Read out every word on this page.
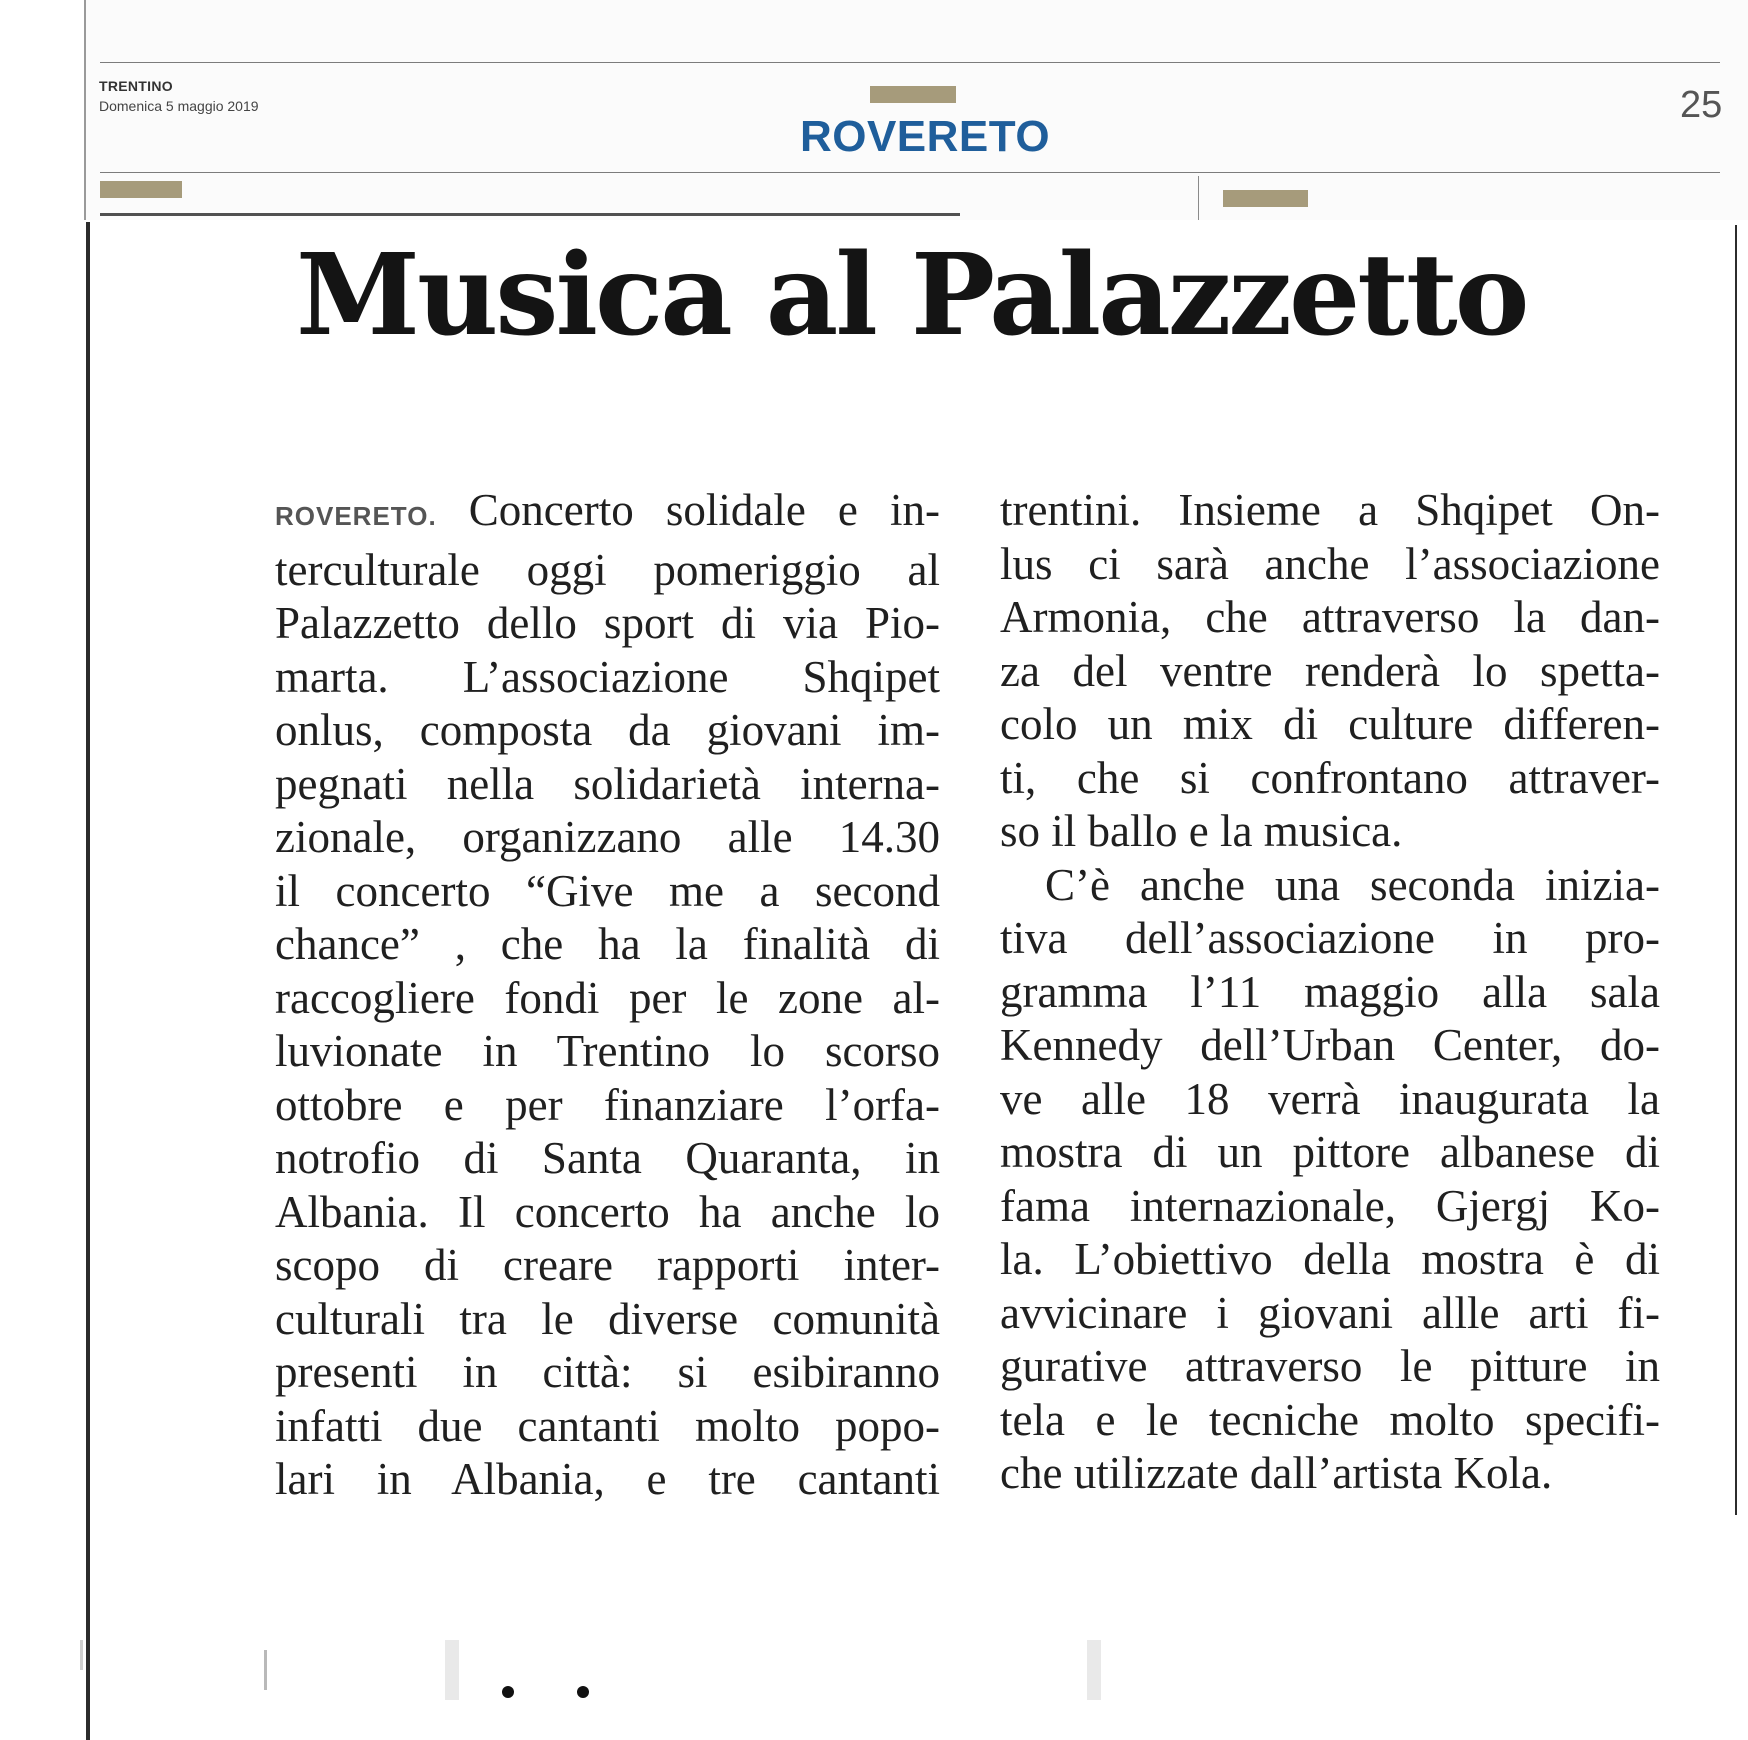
TRENTINO
Domenica 5 maggio 2019
ROVERETO
25
Musica al Palazzetto
ROVERETO. Concerto solidale e in-
terculturale oggi pomeriggio al
Palazzetto dello sport di via Pio-
marta. L’associazione Shqipet
onlus, composta da giovani im-
pegnati nella solidarietà interna-
zionale, organizzano alle 14.30
il concerto “Give me a second
chance” , che ha la finalità di
raccogliere fondi per le zone al-
luvionate in Trentino lo scorso
ottobre e per finanziare l’orfa-
notrofio di Santa Quaranta, in
Albania. Il concerto ha anche lo
scopo di creare rapporti inter-
culturali tra le diverse comunità
presenti in città: si esibiranno
infatti due cantanti molto popo-
lari in Albania, e tre cantanti
trentini. Insieme a Shqipet On-
lus ci sarà anche l’associazione
Armonia, che attraverso la dan-
za del ventre renderà lo spetta-
colo un mix di culture differen-
ti, che si confrontano attraver-
so il ballo e la musica.
C’è anche una seconda inizia-
tiva dell’associazione in pro-
gramma l’11 maggio alla sala
Kennedy dell’Urban Center, do-
ve alle 18 verrà inaugurata la
mostra di un pittore albanese di
fama internazionale, Gjergj Ko-
la. L’obiettivo della mostra è di
avvicinare i giovani allle arti fi-
gurative attraverso le pitture in
tela e le tecniche molto specifi-
che utilizzate dall’artista Kola.
